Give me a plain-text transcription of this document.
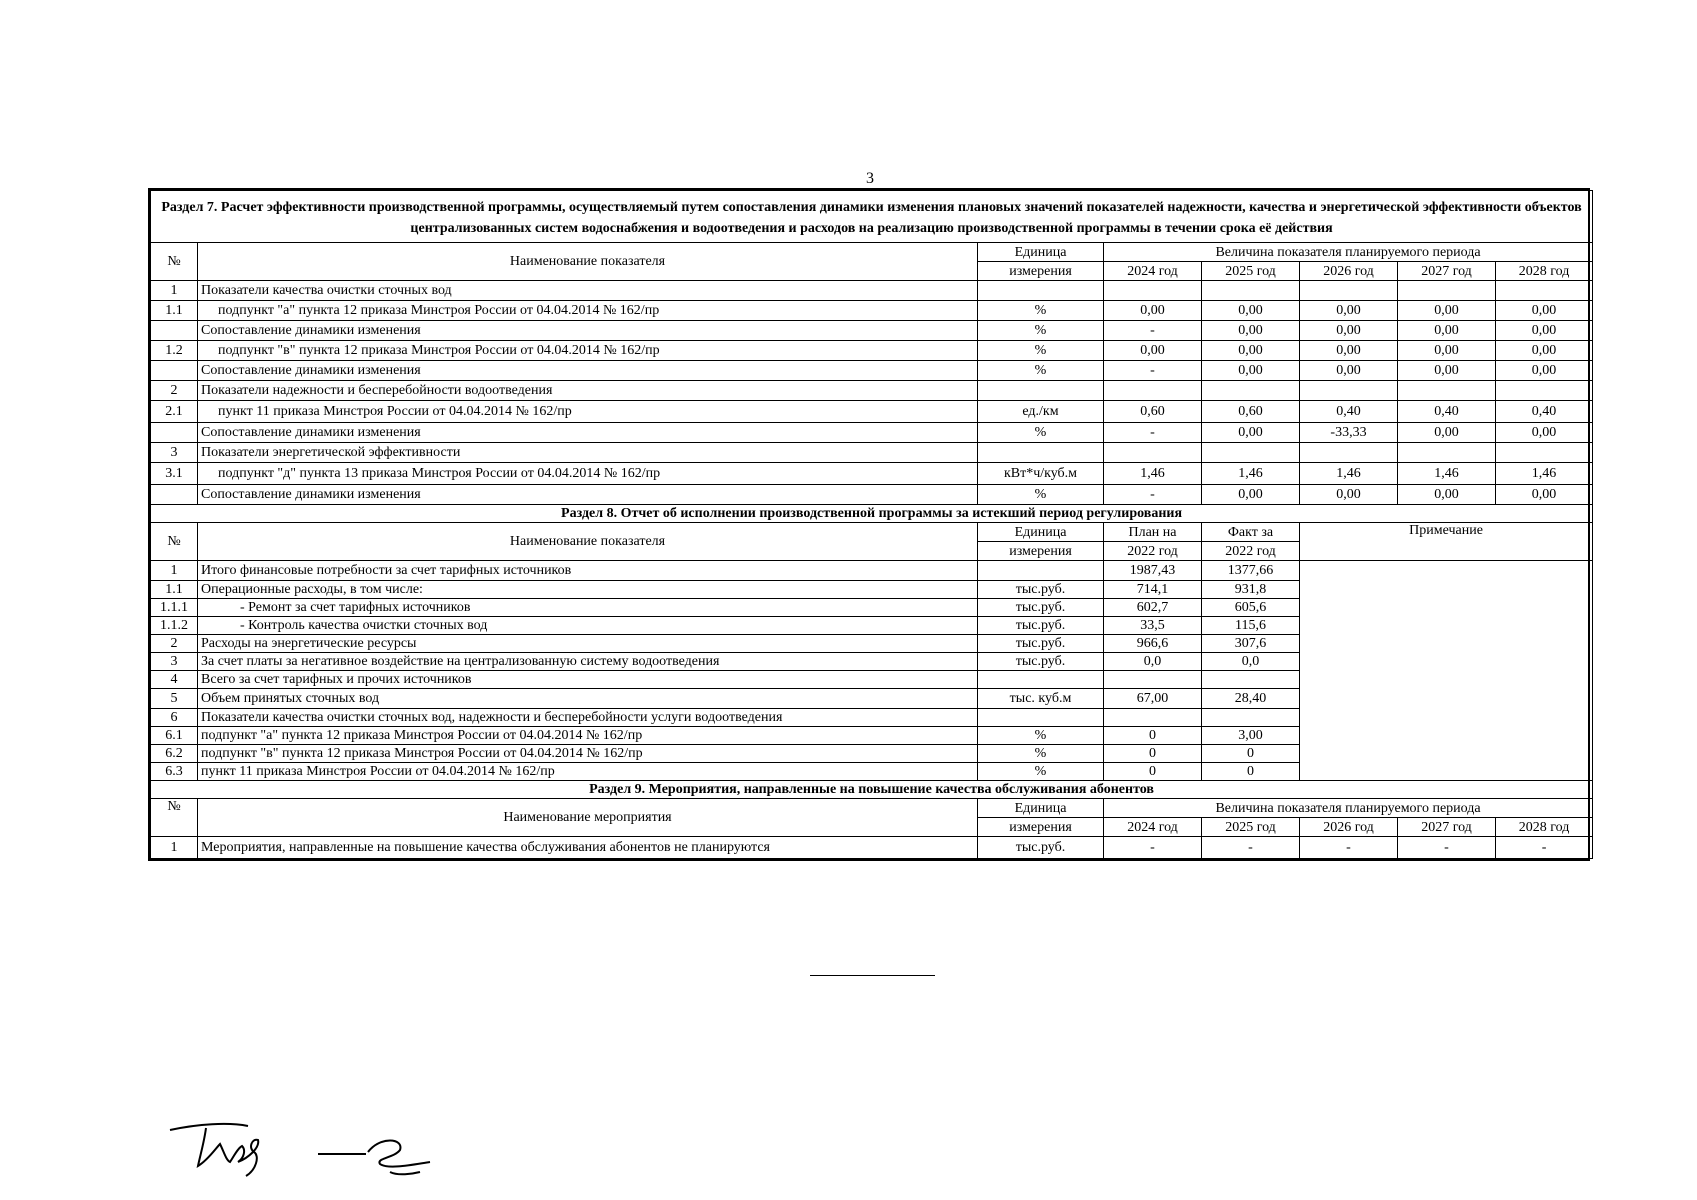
3
Раздел 7. Расчет эффективности производственной программы, осуществляемый путем сопоставления динамики изменения плановых значений показателей надежности, качества и энергетической эффективности объектов централизованных систем водоснабжения и водоотведения и расходов на реализацию производственной программы в течении срока её действия							
№	Наименование показателя	Единица	Величина показателя планируемого периода				
		измерения	2024 год	2025 год	2026 год	2027 год	2028 год
1	Показатели качества очистки сточных вод						
1.1	подпункт "а" пункта 12 приказа Минстроя России от 04.04.2014 № 162/пр	%	0,00	0,00	0,00	0,00	0,00
	Сопоставление динамики изменения	%	-	0,00	0,00	0,00	0,00
1.2	подпункт "в" пункта 12 приказа Минстроя России от 04.04.2014 № 162/пр	%	0,00	0,00	0,00	0,00	0,00
	Сопоставление динамики изменения	%	-	0,00	0,00	0,00	0,00
2	Показатели надежности и бесперебойности водоотведения						
2.1	пункт 11 приказа Минстроя России от 04.04.2014 № 162/пр	ед./км	0,60	0,60	0,40	0,40	0,40
	Сопоставление динамики изменения	%	-	0,00	-33,33	0,00	0,00
3	Показатели энергетической эффективности						
3.1	подпункт "д" пункта 13 приказа Минстроя России от 04.04.2014 № 162/пр	кВт*ч/куб.м	1,46	1,46	1,46	1,46	1,46
	Сопоставление динамики изменения	%	-	0,00	0,00	0,00	0,00
Раздел 8. Отчет об исполнении производственной программы за истекший период регулирования							
№	Наименование показателя	Единица	План на	Факт за	Примечание		
		измерения	2022 год	2022 год			
1	Итого финансовые потребности за счет тарифных источников		1987,43	1377,66			
1.1	Операционные расходы, в том числе:	тыс.руб.	714,1	931,8			
1.1.1	- Ремонт за счет тарифных источников	тыс.руб.	602,7	605,6			
1.1.2	- Контроль качества очистки сточных вод	тыс.руб.	33,5	115,6			
2	Расходы на энергетические ресурсы	тыс.руб.	966,6	307,6			
3	За счет платы за негативное воздействие на централизованную систему водоотведения	тыс.руб.	0,0	0,0			
4	Всего за счет тарифных и прочих источников						
5	Объем принятых сточных вод	тыс. куб.м	67,00	28,40			
6	Показатели качества очистки сточных вод, надежности и бесперебойности услуги водоотведения						
6.1	подпункт "а" пункта 12 приказа Минстроя России от 04.04.2014 № 162/пр	%	0	3,00			
6.2	подпункт "в" пункта 12 приказа Минстроя России от 04.04.2014 № 162/пр	%	0	0			
6.3	пункт 11 приказа Минстроя России от 04.04.2014 № 162/пр	%	0	0			
Раздел 9. Мероприятия, направленные на повышение качества обслуживания абонентов							
№	Наименование мероприятия	Единица	Величина показателя планируемого периода				
		измерения	2024 год	2025 год	2026 год	2027 год	2028 год
1	Мероприятия, направленные на повышение качества обслуживания абонентов не планируются	тыс.руб.	-	-	-	-	-
